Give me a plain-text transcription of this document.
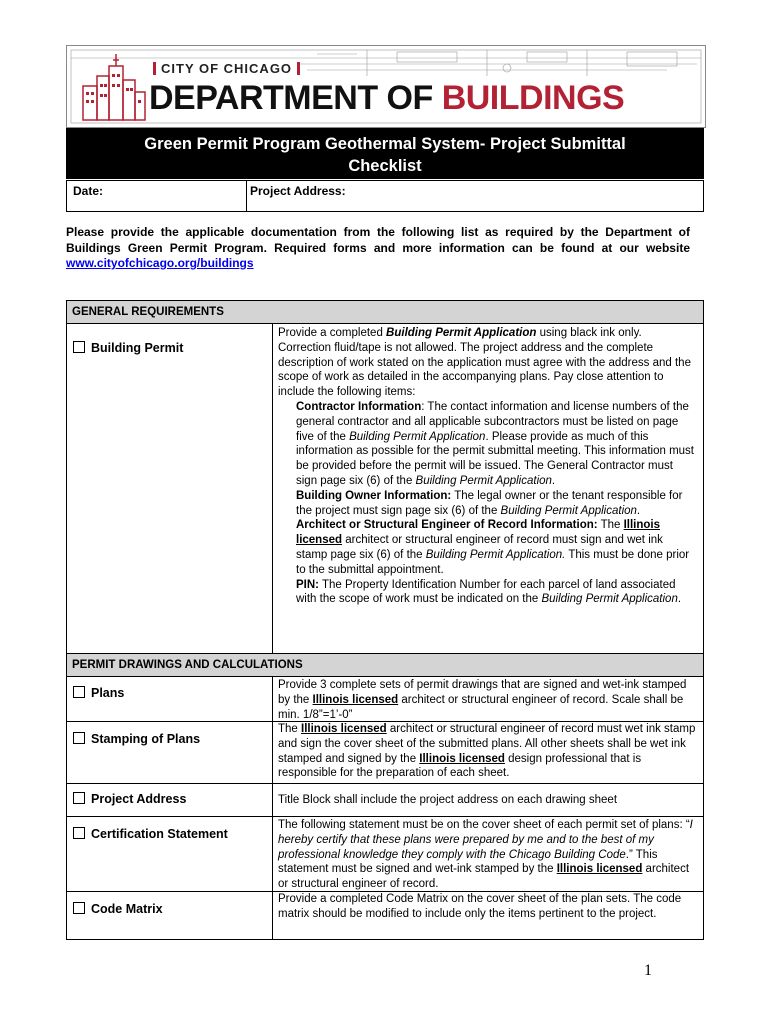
CITY OF CHICAGO
DEPARTMENT OF BUILDINGS
Green Permit Program Geothermal System- Project Submittal
Checklist
Date:	Project Address:
Please provide the applicable documentation from the following list as required by the Department of Buildings Green Permit Program. Required forms and more information can be found at our website www.cityofchicago.org/buildings
GENERAL REQUIREMENTS
Building Permit
Provide a completed Building Permit Application using black ink only. Correction fluid/tape is not allowed. The project address and the complete description of work stated on the application must agree with the address and the scope of work as detailed in the accompanying plans. Pay close attention to include the following items:
Contractor Information: The contact information and license numbers of the general contractor and all applicable subcontractors must be listed on page five of the Building Permit Application. Please provide as much of this information as possible for the permit submittal meeting. This information must be provided before the permit will be issued. The General Contractor must sign page six (6) of the Building Permit Application.
Building Owner Information: The legal owner or the tenant responsible for the project must sign page six (6) of the Building Permit Application.
Architect or Structural Engineer of Record Information: The Illinois licensed architect or structural engineer of record must sign and wet ink stamp page six (6) of the Building Permit Application. This must be done prior to the submittal appointment.
PIN: The Property Identification Number for each parcel of land associated with the scope of work must be indicated on the Building Permit Application.
PERMIT DRAWINGS AND CALCULATIONS
Plans
Provide 3 complete sets of permit drawings that are signed and wet-ink stamped by the Illinois licensed architect or structural engineer of record. Scale shall be min. 1/8”=1’-0”
Stamping of Plans
The Illinois licensed architect or structural engineer of record must wet ink stamp and sign the cover sheet of the submitted plans. All other sheets shall be wet ink stamped and signed by the Illinois licensed design professional that is responsible for the preparation of each sheet.
Project Address	Title Block shall include the project address on each drawing sheet
Certification Statement
The following statement must be on the cover sheet of each permit set of plans: “I hereby certify that these plans were prepared by me and to the best of my professional knowledge they comply with the Chicago Building Code.” This statement must be signed and wet-ink stamped by the Illinois licensed architect or structural engineer of record.
Code Matrix
Provide a completed Code Matrix on the cover sheet of the plan sets. The code matrix should be modified to include only the items pertinent to the project.
1
